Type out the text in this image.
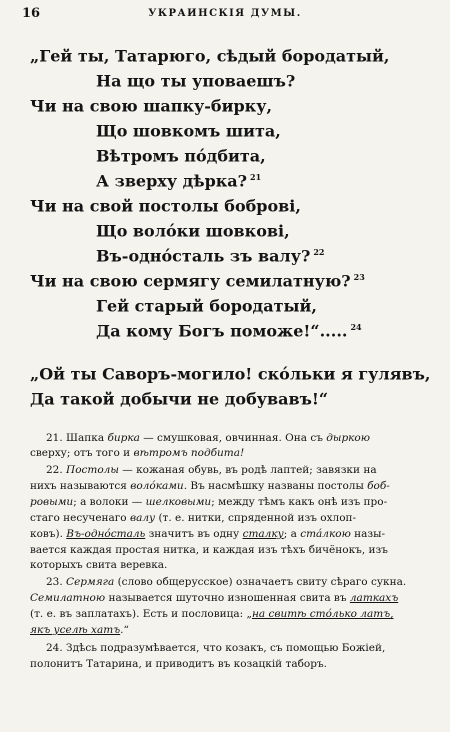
16	УКРАИНСКІЯ ДУМЫ.
„Гей ты, Татарюго, сѣдый бородатый,
На що ты уповаешъ?
Чи на свою шапку-бирку,
Що шовкомъ шита,
Вѣтромъ пóдбита,
А зверху дѣрка? $^{21}$
Чи на свой постолы боброві,
Що волóки шовкові,
Въ-однóсталь зъ валу? $^{22}$
Чи на свою сермягу семилатную? $^{23}$
Гей старый бородатый,
Да кому Богъ поможе!“..... $^{24}$
„Ой ты Саворъ-могило! скóльки я гулявъ,
Да такой добычи не добувавъ!“
21. Шапка бирка — смушковая, овчинная. Она съ дыркою
сверху; отъ того и вѣтромъ подбита!
22. Постолы — кожаная обувь, въ родѣ лаптей; завязки на
нихъ называются волóками. Въ насмѣшку названы постолы боб-
ровыми; а волоки — шелковыми; между тѣмъ какъ онѣ изъ про-
стаго несученаго валу (т. е. нитки, спряденной изъ охлоп-
ковъ). Въ-однóсталь значитъ въ одну сталку; а стáлкою назы-
вается каждая простая нитка, и каждая изъ тѣхъ бичёнокъ, изъ
которыхъ свита веревка.
23. Сермяга (слово общерусское) означаетъ свиту сѣрагo сукна.
Семилатною называется шуточно изношенная свита въ латкахъ
(т. е. въ заплатахъ). Есть и пословица: „на свитѣ стóлько латъ,
якъ уселѣ хатъ.“
24. Здѣсь подразумѣвается, что козакъ, съ помощью Божіей,
полонитъ Татарина, и приводитъ въ козацкій таборъ.
